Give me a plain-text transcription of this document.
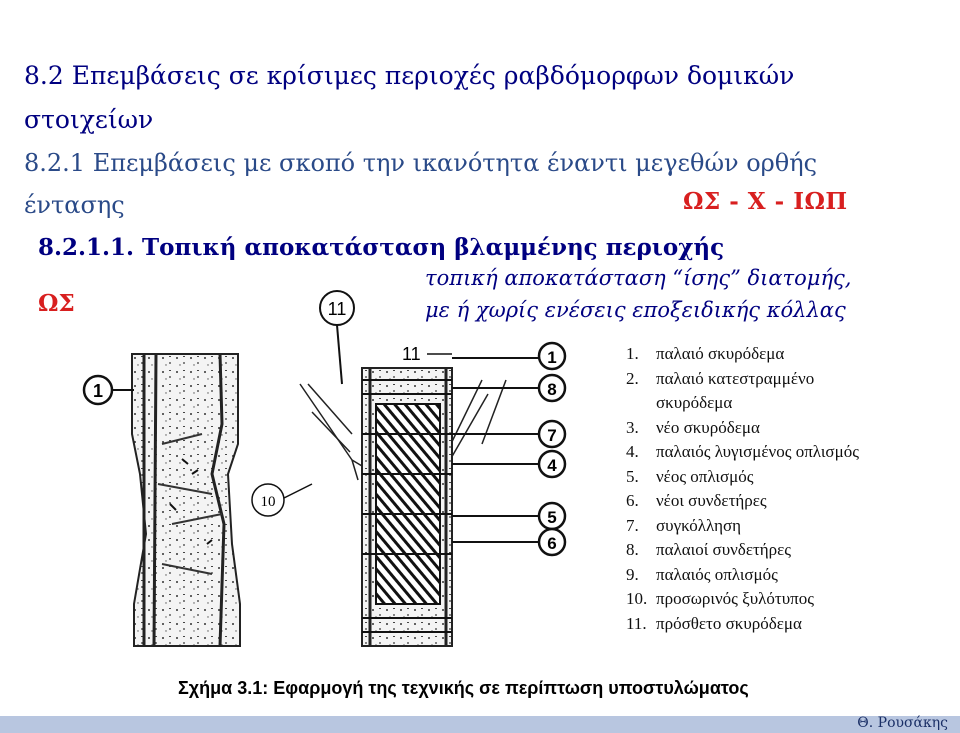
8.2 Επεμβάσεις σε κρίσιμες περιοχές ραβδόμορφων δομικών
στοιχείων
8.2.1 Επεμβάσεις με σκοπό την ικανότητα έναντι μεγεθών ορθής
έντασης	ΩΣ - Χ - ΙΩΠ
8.2.1.1. Τοπική αποκατάσταση βλαμμένης περιοχής
τοπική αποκατάσταση “ίσης” διατομής,
με ή χωρίς ενέσεις εποξειδικής κόλλας
ΩΣ
1
11
10
11	1
8
7
4
5
6
1. παλαιό σκυρόδεμα
2. παλαιό κατεστραμμένο
σκυρόδεμα
3. νέο σκυρόδεμα
4. παλαιός λυγισμένος οπλισμός
5. νέος οπλισμός
6. νέοι συνδετήρες
7. συγκόλληση
8. παλαιοί συνδετήρες
9. παλαιός οπλισμός
10. προσωρινός ξυλότυπος
11. πρόσθετο σκυρόδεμα
Σχήμα 3.1: Εφαρμογή της τεχνικής σε περίπτωση υποστυλώματος
Θ. Ρουσάκης
